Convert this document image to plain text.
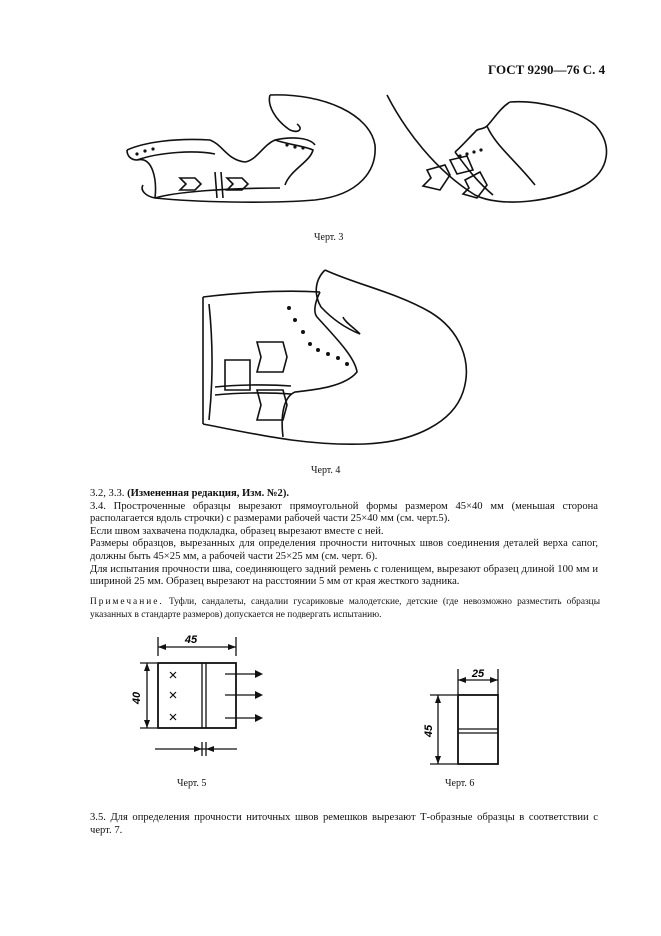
ГОСТ 9290—76 С. 4
Черт. 3
Черт. 4

3.2, 3.3. (Измененная редакция, Изм. №2).

3.4. Простроченные образцы вырезают прямоугольной формы размером 45×40 мм (меньшая сторона располагается вдоль строчки) с размерами рабочей части 25×40 мм (см. черт.5).

Если швом захвачена подкладка, образец вырезают вместе с ней.

Размеры образцов, вырезанных для определения прочности ниточных швов соединения деталей верха сапог, должны быть 45×25 мм, а рабочей части 25×25 мм (см. черт. 6).

Для испытания прочности шва, соединяющего задний ремень с голенищем, вырезают образец длиной 100 мм и шириной 25 мм. Образец вырезают на расстоянии 5 мм от края жесткого задника.

Примечание. Туфли, сандалеты, сандалии гусариковые малодетские, детские (где невозможно разместить образцы указанных в стандарте размеров) допускается не подвергать испытанию.
45
40
Черт. 5
25
45
Черт. 6
3.5. Для определения прочности ниточных швов ремешков вырезают Т-образные образцы в соответствии с черт. 7.
